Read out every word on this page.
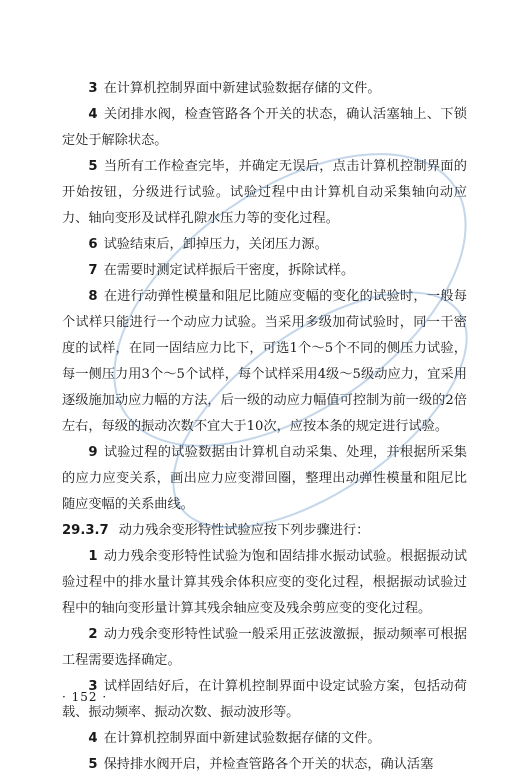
3 在计算机控制界面中新建试验数据存储的文件。

4 关闭排水阀，检查管路各个开关的状态，确认活塞轴上、下锁定处于解除状态。

5 当所有工作检查完毕，并确定无误后，点击计算机控制界面的开始按钮，分级进行试验。试验过程中由计算机自动采集轴向动应力、轴向变形及试样孔隙水压力等的变化过程。

6 试验结束后，卸掉压力，关闭压力源。

7 在需要时测定试样振后干密度，拆除试样。

8 在进行动弹性模量和阻尼比随应变幅的变化的试验时，一般每个试样只能进行一个动应力试验。当采用多级加荷试验时，同一干密度的试样，在同一固结应力比下，可选1个～5个不同的侧压力试验，每一侧压力用3个～5个试样，每个试样采用4级～5级动应力，宜采用逐级施加动应力幅的方法，后一级的动应力幅值可控制为前一级的2倍左右，每级的振动次数不宜大于10次，应按本条的规定进行试验。

9 试验过程的试验数据由计算机自动采集、处理，并根据所采集的应力应变关系，画出应力应变滞回圈，整理出动弹性模量和阻尼比随应变幅的关系曲线。

29.3.7 动力残余变形特性试验应按下列步骤进行：

1 动力残余变形特性试验为饱和固结排水振动试验。根据振动试验过程中的排水量计算其残余体积应变的变化过程，根据振动试验过程中的轴向变形量计算其残余轴应变及残余剪应变的变化过程。

2 动力残余变形特性试验一般采用正弦波激振，振动频率可根据工程需要选择确定。

3 试样固结好后，在计算机控制界面中设定试验方案，包括动荷载、振动频率、振动次数、振动波形等。

4 在计算机控制界面中新建试验数据存储的文件。

5 保持排水阀开启，并检查管路各个开关的状态，确认活塞

· 152 ·
